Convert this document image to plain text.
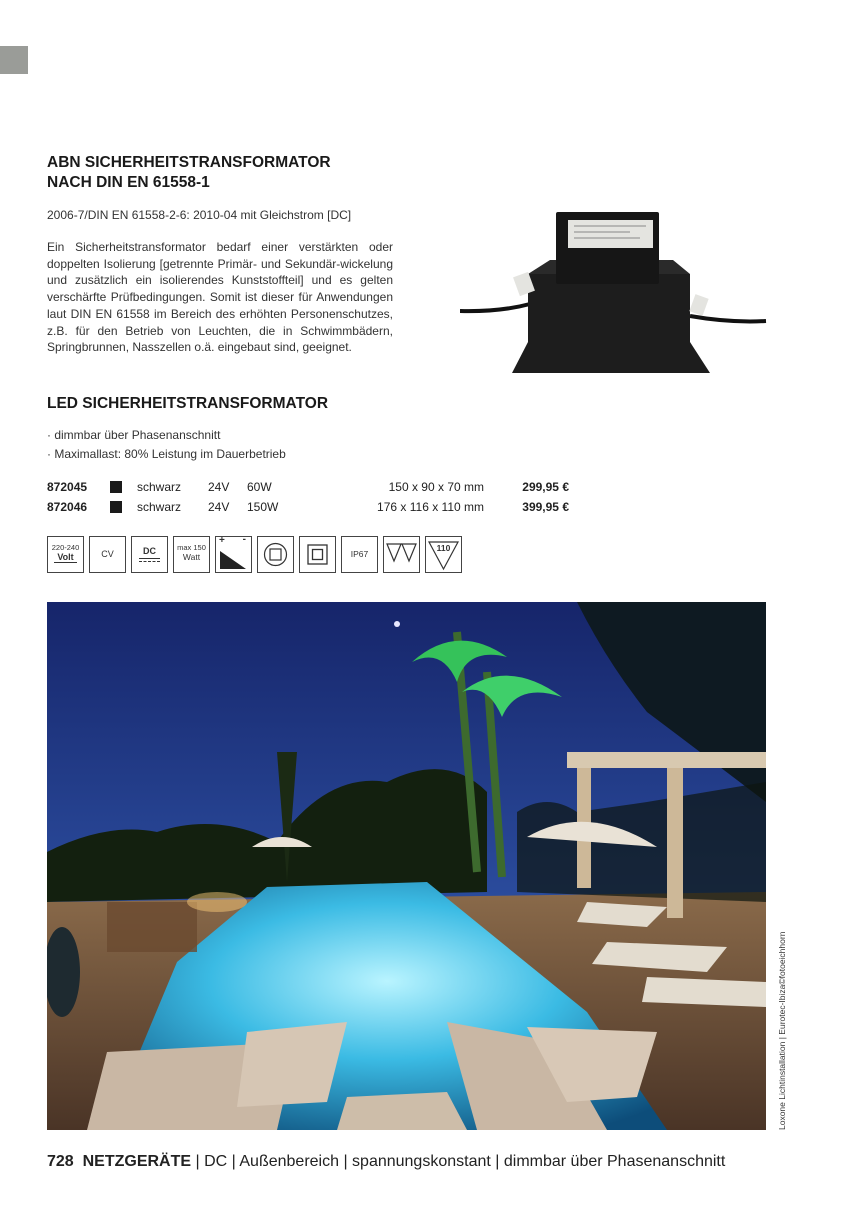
ABN SICHERHEITSTRANSFORMATOR
NACH DIN EN 61558-1
2006-7/DIN EN 61558-2-6: 2010-04 mit Gleichstrom [DC]
Ein Sicherheitstransformator bedarf einer verstärkten oder doppelten Isolierung [getrennte Primär- und Sekundär-wickelung und zusätzlich ein isolierendes Kunststoffteil] und es gelten verschärfte Prüfbedingungen. Somit ist dieser für Anwendungen laut DIN EN 61558 im Bereich des erhöhten Personenschutzes, z.B. für den Betrieb von Leuchten, die in Schwimmbädern, Springbrunnen, Nasszellen o.ä. eingebaut sind, geeignet.
LED SICHERHEITSTRANSFORMATOR
· dimmbar über Phasenanschnitt
· Maximallast: 80% Leistung im Dauerbetrieb
872045	schwarz 24V 60W	150 x 90 x 70 mm	299,95 €
872046	schwarz 24V 150W	176 x 116 x 110 mm	399,95 €
220-240
Volt	CV	DC	max 150
Watt
+ -
IP67
110
Loxone Lichtinstallation | Eurotec-Ibiza©fotoeichhorn
728 NETZGERÄTE | DC | Außenbereich | spannungskonstant | dimmbar über Phasenanschnitt
